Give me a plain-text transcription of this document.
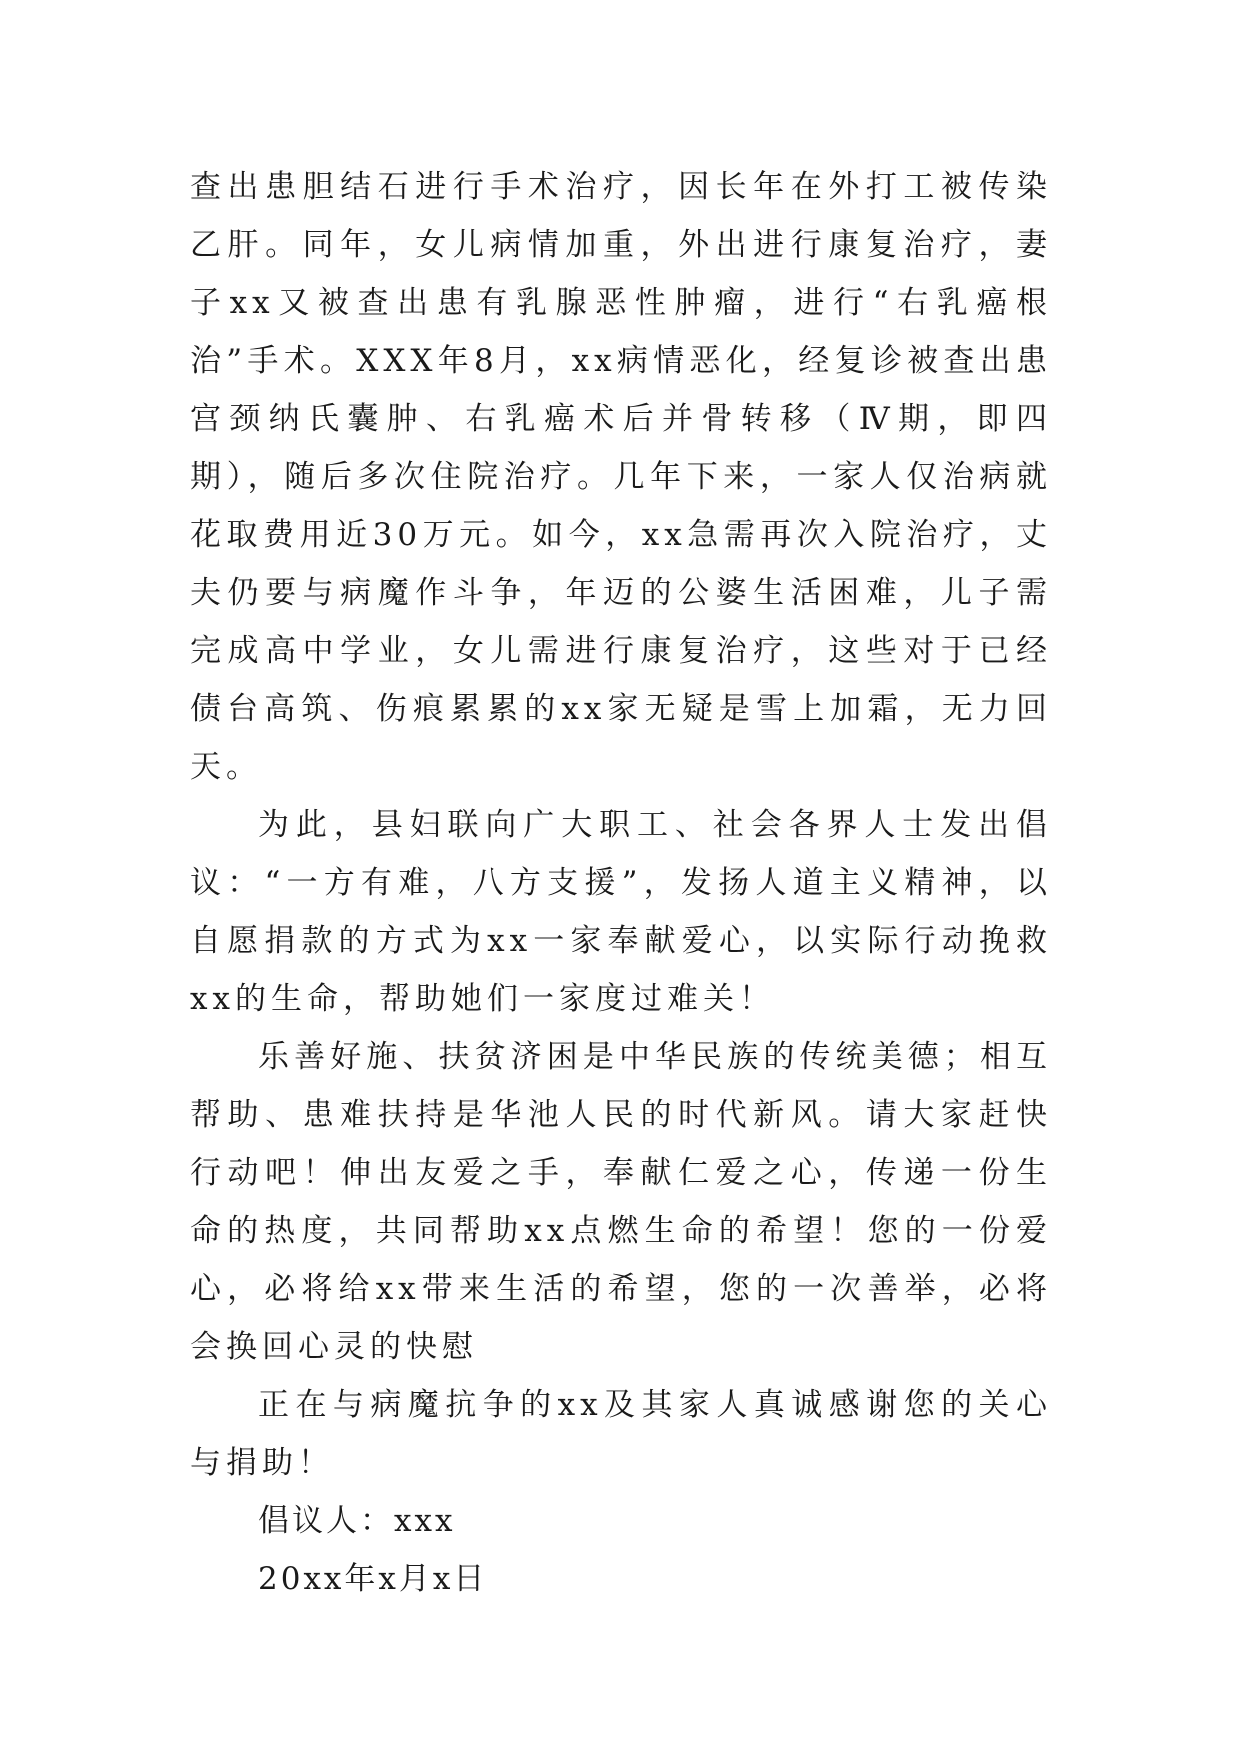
查出患胆结石进行手术治疗，因长年在外打工被传染乙肝。同年，女儿病情加重，外出进行康复治疗，妻子xx又被查出患有乳腺恶性肿瘤，进行“右乳癌根治”手术。XXX年8月，xx病情恶化，经复诊被查出患宫颈纳氏囊肿、右乳癌术后并骨转移（Ⅳ期，即四期），随后多次住院治疗。几年下来，一家人仅治病就花取费用近30万元。如今，xx急需再次入院治疗，丈夫仍要与病魔作斗争，年迈的公婆生活困难，儿子需完成高中学业，女儿需进行康复治疗，这些对于已经债台高筑、伤痕累累的xx家无疑是雪上加霜，无力回天。

为此，县妇联向广大职工、社会各界人士发出倡议：“一方有难，八方支援”，发扬人道主义精神，以自愿捐款的方式为xx一家奉献爱心，以实际行动挽救xx的生命，帮助她们一家度过难关！

乐善好施、扶贫济困是中华民族的传统美德；相互帮助、患难扶持是华池人民的时代新风。请大家赶快行动吧！伸出友爱之手，奉献仁爱之心，传递一份生命的热度，共同帮助xx点燃生命的希望！您的一份爱心，必将给xx带来生活的希望，您的一次善举，必将会换回心灵的快慰

正在与病魔抗争的xx及其家人真诚感谢您的关心与捐助！

倡议人：xxx

20xx年x月x日
